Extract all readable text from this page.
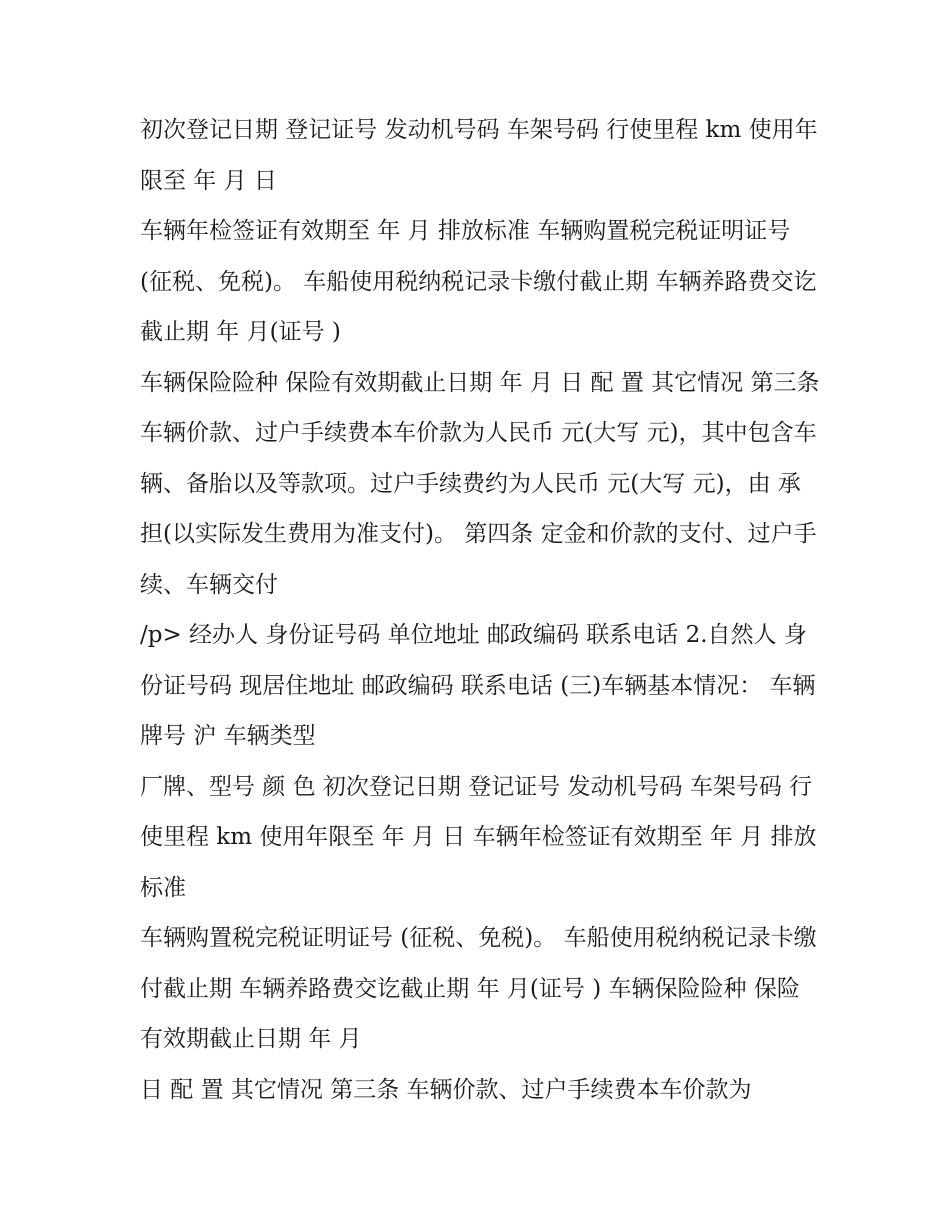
初次登记日期 登记证号 发动机号码 车架号码 行使里程 km 使用年限至 年 月 日

车辆年检签证有效期至 年 月 排放标准 车辆购置税完税证明证号 (征税、免税)。 车船使用税纳税记录卡缴付截止期 车辆养路费交讫截止期 年 月(证号 )

车辆保险险种 保险有效期截止日期 年 月 日 配 置 其它情况 第三条 车辆价款、过户手续费本车价款为人民币 元(大写 元)，其中包含车辆、备胎以及等款项。过户手续费约为人民币 元(大写 元)，由 承担(以实际发生费用为准支付)。 第四条 定金和价款的支付、过户手续、车辆交付

/p> 经办人 身份证号码 单位地址 邮政编码 联系电话 2.自然人 身份证号码 现居住地址 邮政编码 联系电话 (三)车辆基本情况： 车辆牌号 沪 车辆类型

厂牌、型号 颜 色 初次登记日期 登记证号 发动机号码 车架号码 行使里程 km 使用年限至 年 月 日 车辆年检签证有效期至 年 月 排放标准

车辆购置税完税证明证号 (征税、免税)。 车船使用税纳税记录卡缴付截止期 车辆养路费交讫截止期 年 月(证号 ) 车辆保险险种 保险有效期截止日期 年 月

日 配 置 其它情况 第三条 车辆价款、过户手续费本车价款为
